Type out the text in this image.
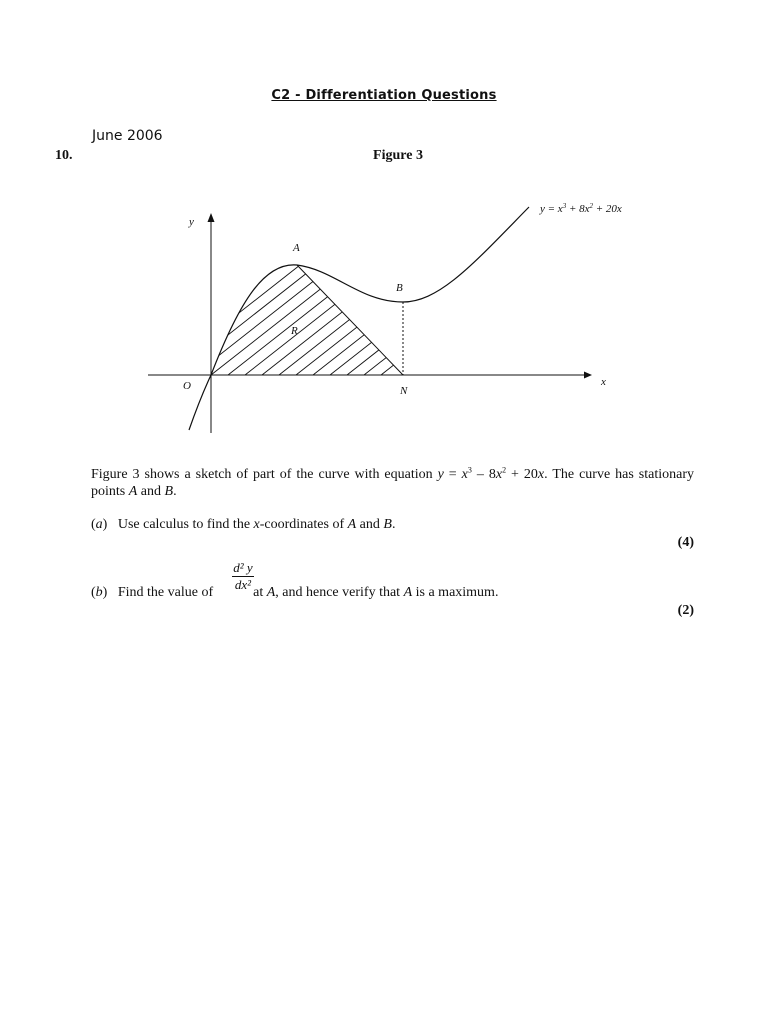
C2 - Differentiation Questions
June 2006
10.	Figure 3
$y = x^3 + 8x^2 + 20x$
y
x
O
A
B
R
N
Figure 3 shows a sketch of part of the curve with equation $y = x^3 - 8x^2 + 20x$. The curve has stationary points A and B.
(a)   Use calculus to find the x-coordinates of A and B.
(4)
(b)   Find the value of	at A, and hence verify that A is a maximum.
d² y
dx²
(2)
